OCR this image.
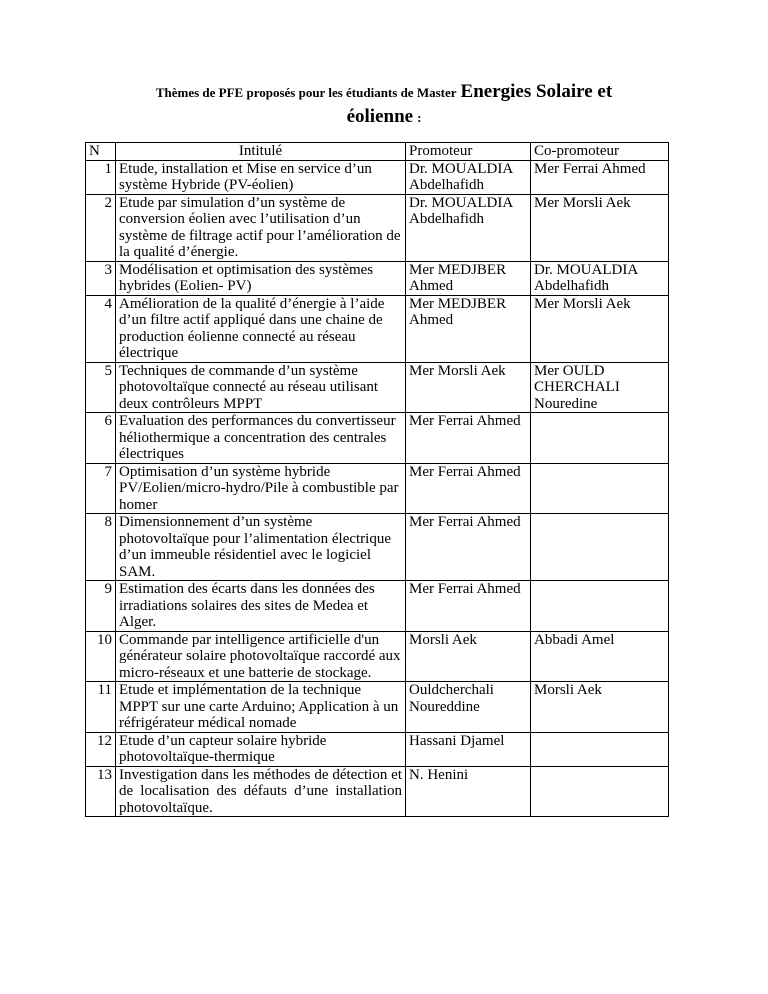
Thèmes de PFE proposés pour les étudiants de Master Energies Solaire et
éolienne :
N	Intitulé	Promoteur	Co-promoteur
1	Etude, installation et Mise en service d’un système Hybride (PV-éolien)	Dr. MOUALDIA Abdelhafidh	Mer Ferrai Ahmed
2	Etude par simulation d’un système de conversion éolien avec l’utilisation d’un système de filtrage actif pour l’amélioration de la qualité d’énergie.	Dr. MOUALDIA Abdelhafidh	Mer Morsli Aek
3	Modélisation et optimisation des systèmes hybrides (Eolien- PV)	Mer MEDJBER Ahmed	Dr. MOUALDIA Abdelhafidh
4	Amélioration de la qualité d’énergie à l’aide d’un filtre actif appliqué dans une chaine de production éolienne connecté au réseau électrique	Mer MEDJBER Ahmed	Mer Morsli Aek
5	Techniques de commande d’un système photovoltaïque connecté au réseau utilisant deux contrôleurs MPPT	Mer Morsli Aek	Mer OULD CHERCHALI Nouredine
6	Evaluation des performances du convertisseur héliothermique a concentration des centrales électriques	Mer Ferrai Ahmed	
7	Optimisation d’un système hybride PV/Eolien/micro-hydro/Pile à combustible par homer	Mer Ferrai Ahmed	
8	Dimensionnement d’un système photovoltaïque pour l’alimentation électrique d’un immeuble résidentiel avec le logiciel SAM.	Mer Ferrai Ahmed	
9	Estimation des écarts dans les données des irradiations solaires des sites de Medea et Alger.	Mer Ferrai Ahmed	
10	Commande par intelligence artificielle d'un générateur solaire photovoltaïque raccordé aux micro-réseaux et une batterie de stockage.	Morsli Aek	Abbadi Amel
11	Etude et implémentation de la technique MPPT sur une carte Arduino; Application à un réfrigérateur médical nomade	Ouldcherchali Noureddine	Morsli Aek
12	Etude d’un capteur solaire hybride photovoltaïque-thermique	Hassani Djamel	
13	Investigation dans les méthodes de détection et de localisation des défauts d’une installation photovoltaïque.	N. Henini	
